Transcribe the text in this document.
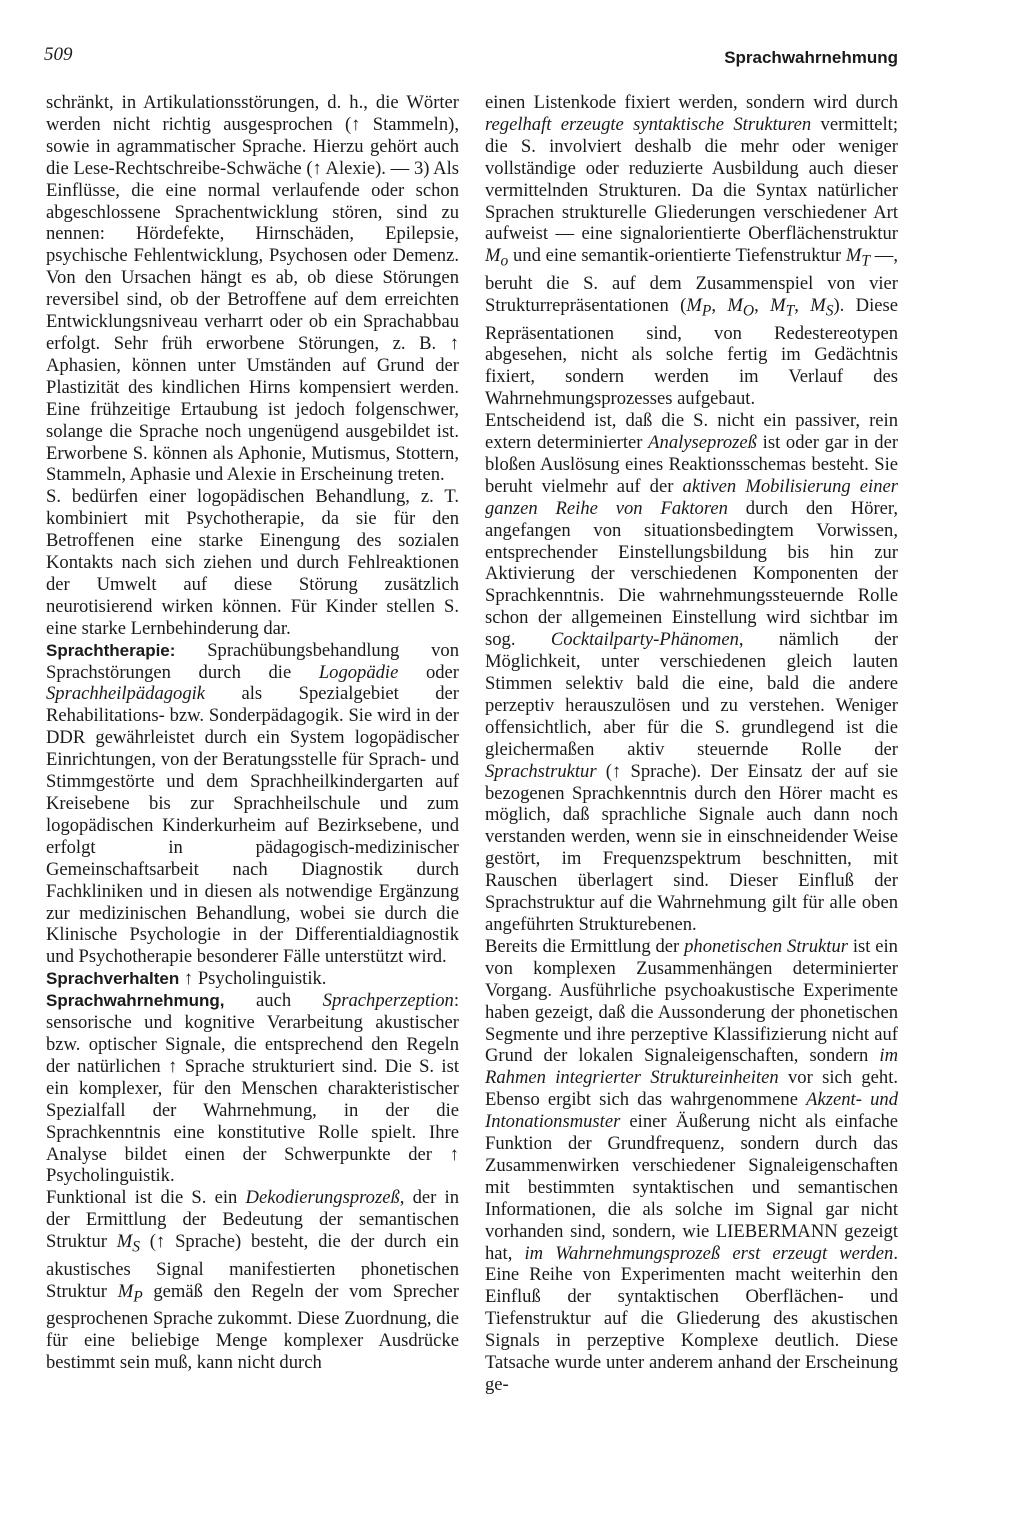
509	Sprachwahrnehmung

schränkt, in Artikulationsstörungen, d. h., die Wörter werden nicht richtig ausgesprochen (↑ Stammeln), sowie in agrammatischer Sprache. Hierzu gehört auch die Lese-Rechtschreibe-Schwäche (↑ Alexie). — 3) Als Einflüsse, die eine normal verlaufende oder schon abgeschlossene Sprachentwicklung stören, sind zu nennen: Hördefekte, Hirnschäden, Epilepsie, psychische Fehlentwicklung, Psychosen oder Demenz. Von den Ursachen hängt es ab, ob diese Störungen reversibel sind, ob der Betroffene auf dem erreichten Entwicklungsniveau verharrt oder ob ein Sprachabbau erfolgt. Sehr früh erworbene Störungen, z. B. ↑ Aphasien, können unter Umständen auf Grund der Plastizität des kindlichen Hirns kompensiert werden. Eine frühzeitige Ertaubung ist jedoch folgenschwer, solange die Sprache noch ungenügend ausgebildet ist. Erworbene S. können als Aphonie, Mutismus, Stottern, Stammeln, Aphasie und Alexie in Erscheinung treten.

S. bedürfen einer logopädischen Behandlung, z. T. kombiniert mit Psychotherapie, da sie für den Betroffenen eine starke Einengung des sozialen Kontakts nach sich ziehen und durch Fehlreaktionen der Umwelt auf diese Störung zusätzlich neurotisierend wirken können. Für Kinder stellen S. eine starke Lernbehinderung dar.

Sprachtherapie: Sprachübungsbehandlung von Sprachstörungen durch die Logopädie oder Sprachheilpädagogik als Spezialgebiet der Rehabilitations- bzw. Sonderpädagogik. Sie wird in der DDR gewährleistet durch ein System logopädischer Einrichtungen, von der Beratungsstelle für Sprach- und Stimmgestörte und dem Sprachheilkindergarten auf Kreisebene bis zur Sprachheilschule und zum logopädischen Kinderkurheim auf Bezirksebene, und erfolgt in pädagogisch-medizinischer Gemeinschaftsarbeit nach Diagnostik durch Fachkliniken und in diesen als notwendige Ergänzung zur medizinischen Behandlung, wobei sie durch die Klinische Psychologie in der Differentialdiagnostik und Psychotherapie besonderer Fälle unterstützt wird.

Sprachverhalten ↑ Psycholinguistik.

Sprachwahrnehmung, auch Sprachperzeption: sensorische und kognitive Verarbeitung akustischer bzw. optischer Signale, die entsprechend den Regeln der natürlichen ↑ Sprache strukturiert sind. Die S. ist ein komplexer, für den Menschen charakteristischer Spezialfall der Wahrnehmung, in der die Sprachkenntnis eine konstitutive Rolle spielt. Ihre Analyse bildet einen der Schwerpunkte der ↑ Psycholinguistik.

Funktional ist die S. ein Dekodierungsprozeß, der in der Ermittlung der Bedeutung der semantischen Struktur $M_S$ (↑ Sprache) besteht, die der durch ein akustisches Signal manifestierten phonetischen Struktur $M_P$ gemäß den Regeln der vom Sprecher gesprochenen Sprache zukommt. Diese Zuordnung, die für eine beliebige Menge komplexer Ausdrücke bestimmt sein muß, kann nicht durch

einen Listenkode fixiert werden, sondern wird durch regelhaft erzeugte syntaktische Strukturen vermittelt; die S. involviert deshalb die mehr oder weniger vollständige oder reduzierte Ausbildung auch dieser vermittelnden Strukturen. Da die Syntax natürlicher Sprachen strukturelle Gliederungen verschiedener Art aufweist — eine signalorientierte Oberflächenstruktur $M_o$ und eine semantik-orientierte Tiefenstruktur $M_T$ —, beruht die S. auf dem Zusammenspiel von vier Strukturrepräsentationen ($M_P$, $M_O$, $M_T$, $M_S$). Diese Repräsentationen sind, von Redestereotypen abgesehen, nicht als solche fertig im Gedächtnis fixiert, sondern werden im Verlauf des Wahrnehmungsprozesses aufgebaut.

Entscheidend ist, daß die S. nicht ein passiver, rein extern determinierter Analyseprozeß ist oder gar in der bloßen Auslösung eines Reaktionsschemas besteht. Sie beruht vielmehr auf der aktiven Mobilisierung einer ganzen Reihe von Faktoren durch den Hörer, angefangen von situationsbedingtem Vorwissen, entsprechender Einstellungsbildung bis hin zur Aktivierung der verschiedenen Komponenten der Sprachkenntnis. Die wahrnehmungssteuernde Rolle schon der allgemeinen Einstellung wird sichtbar im sog. Cocktailparty-Phänomen, nämlich der Möglichkeit, unter verschiedenen gleich lauten Stimmen selektiv bald die eine, bald die andere perzeptiv herauszulösen und zu verstehen. Weniger offensichtlich, aber für die S. grundlegend ist die gleichermaßen aktiv steuernde Rolle der Sprachstruktur (↑ Sprache). Der Einsatz der auf sie bezogenen Sprachkenntnis durch den Hörer macht es möglich, daß sprachliche Signale auch dann noch verstanden werden, wenn sie in einschneidender Weise gestört, im Frequenzspektrum beschnitten, mit Rauschen überlagert sind. Dieser Einfluß der Sprachstruktur auf die Wahrnehmung gilt für alle oben angeführten Strukturebenen.

Bereits die Ermittlung der phonetischen Struktur ist ein von komplexen Zusammenhängen determinierter Vorgang. Ausführliche psychoakustische Experimente haben gezeigt, daß die Aussonderung der phonetischen Segmente und ihre perzeptive Klassifizierung nicht auf Grund der lokalen Signaleigenschaften, sondern im Rahmen integrierter Struktureinheiten vor sich geht. Ebenso ergibt sich das wahrgenommene Akzent- und Intonationsmuster einer Äußerung nicht als einfache Funktion der Grundfrequenz, sondern durch das Zusammenwirken verschiedener Signaleigenschaften mit bestimmten syntaktischen und semantischen Informationen, die als solche im Signal gar nicht vorhanden sind, sondern, wie LIEBERMANN gezeigt hat, im Wahrnehmungsprozeß erst erzeugt werden. Eine Reihe von Experimenten macht weiterhin den Einfluß der syntaktischen Oberflächen- und Tiefenstruktur auf die Gliederung des akustischen Signals in perzeptive Komplexe deutlich. Diese Tatsache wurde unter anderem anhand der Erscheinung ge-
